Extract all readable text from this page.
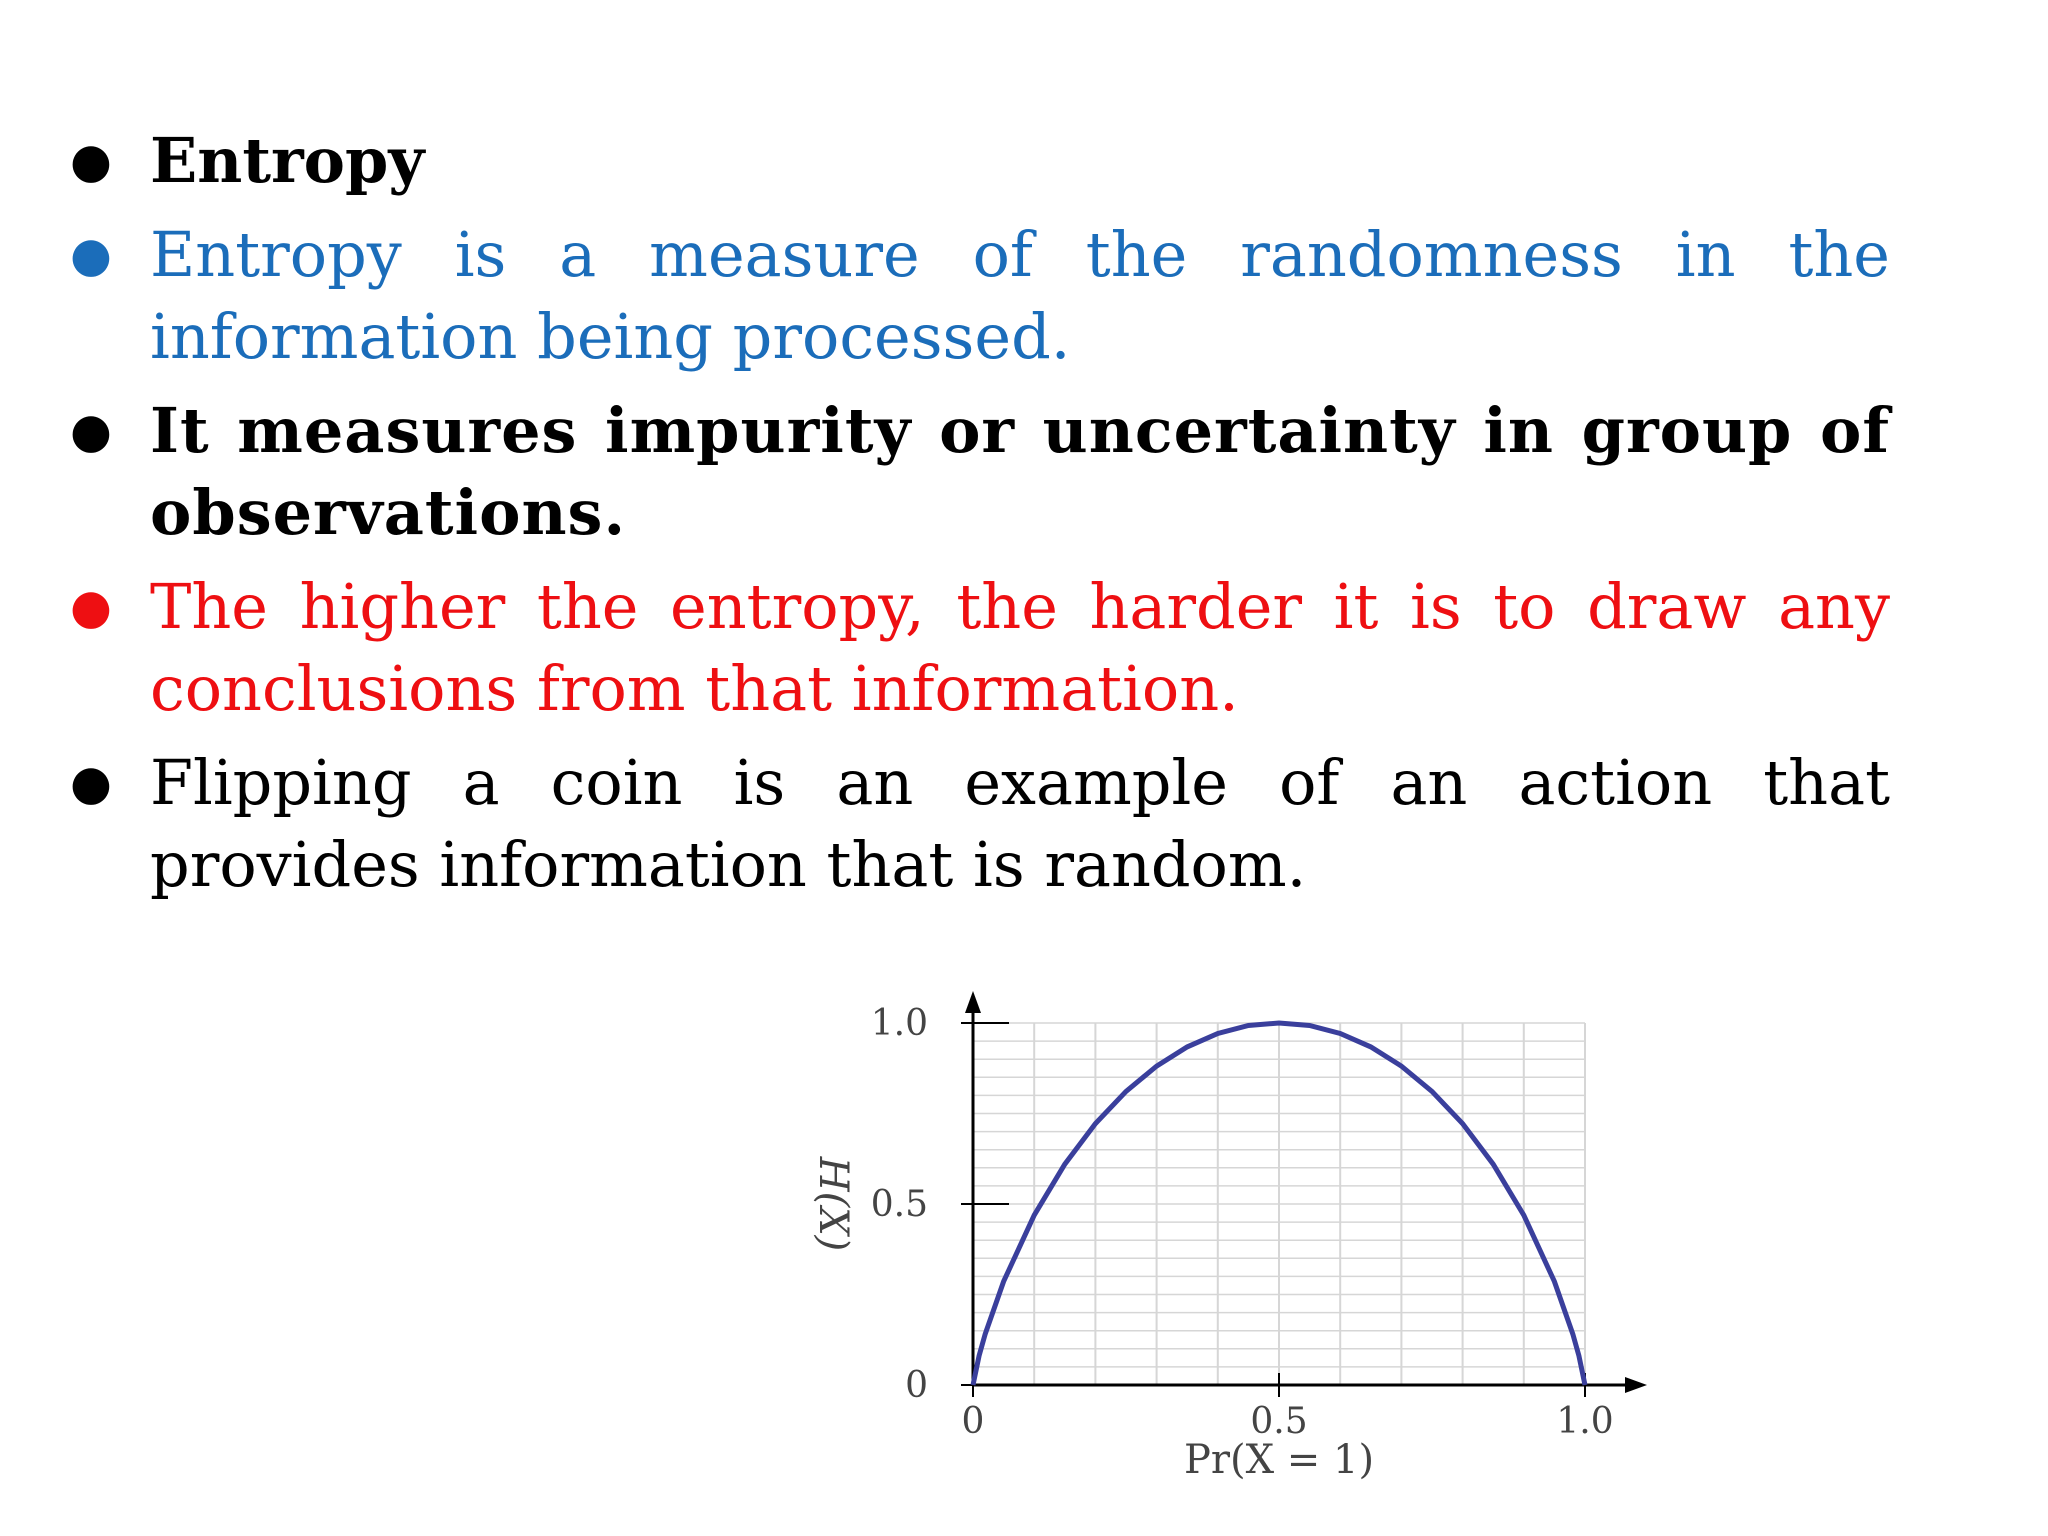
● Entropy
● Entropy is a measure of the randomness in the information being processed.
● It measures impurity or uncertainty in group of observations.
● The higher the entropy, the harder it is to draw any conclusions from that information.
● Flipping a coin is an example of an action that provides information that is random.
0	0.5	1.0
0
0.5
1.0
Pr(X = 1)
H(X)
